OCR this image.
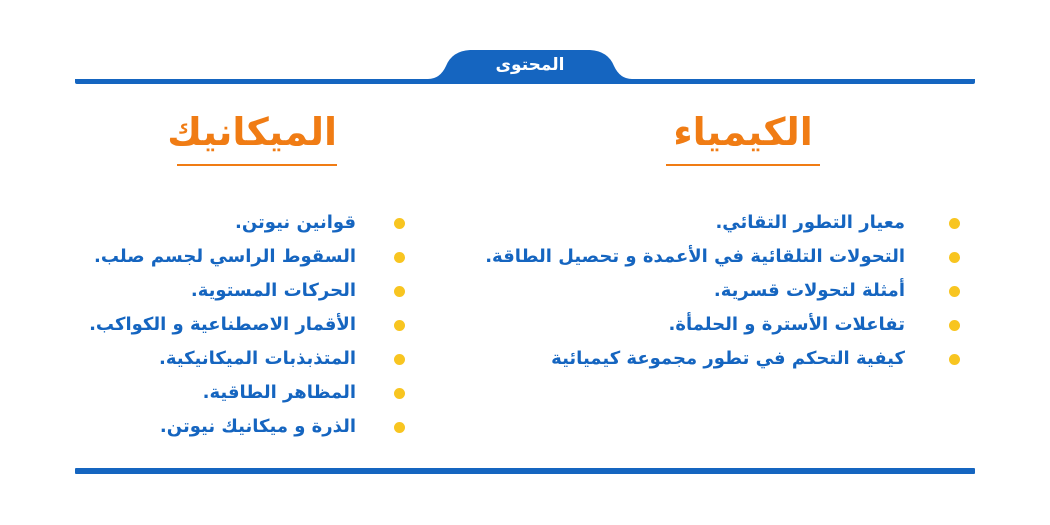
المحتوى
الكيمياء
معيار التطور التقائي.
التحولات التلقائية في الأعمدة و تحصيل الطاقة.
أمثلة لتحولات قسرية.
تفاعلات الأسترة و الحلمأة.
كيفية التحكم في تطور مجموعة كيميائية
الميكانيك
قوانين نيوتن.
السقوط الراسي لجسم صلب.
الحركات المستوية.
الأقمار الاصطناعية و الكواكب.
المتذبذبات الميكانيكية.
المظاهر الطاقية.
الذرة و ميكانيك نيوتن.
